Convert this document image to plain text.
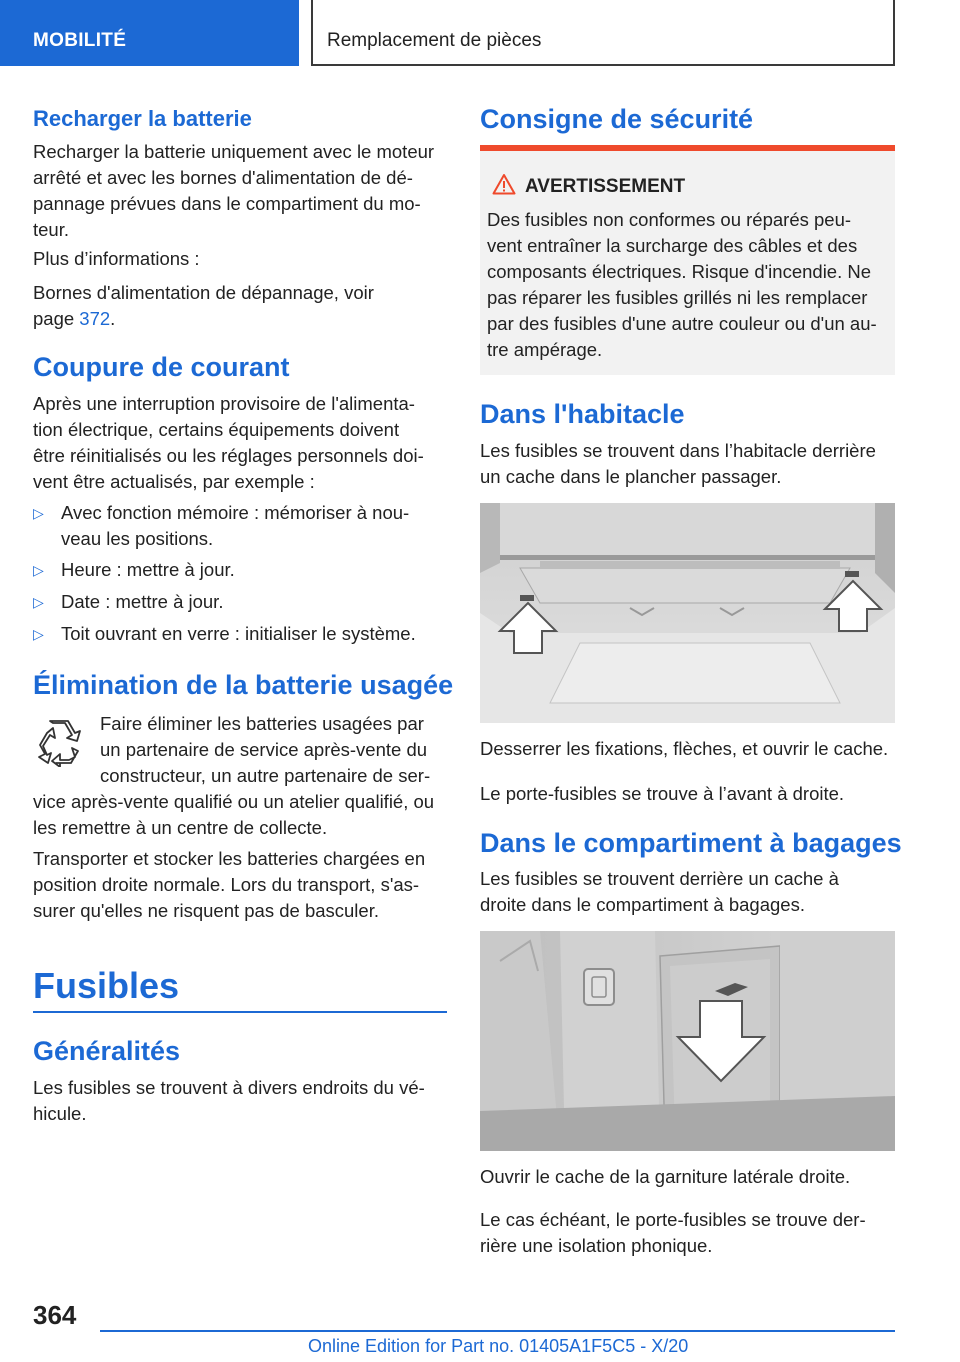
MOBILITÉ	Remplacement de pièces
Recharger la batterie
Recharger la batterie uniquement avec le moteur
arrêté et avec les bornes d'alimentation de dé‐
pannage prévues dans le compartiment du mo‐
teur.
Plus d’informations :
Bornes d'alimentation de dépannage, voir
page 372.
Coupure de courant
Après une interruption provisoire de l'alimenta‐
tion électrique, certains équipements doivent
être réinitialisés ou les réglages personnels doi‐
vent être actualisés, par exemple :
▷ Avec fonction mémoire : mémoriser à nou‐
veau les positions.
▷ Heure : mettre à jour.
▷ Date : mettre à jour.
▷ Toit ouvrant en verre : initialiser le système.
Élimination de la batterie usagée
Faire éliminer les batteries usagées par
un partenaire de service après-vente du
constructeur, un autre partenaire de ser‐
vice après-vente qualifié ou un atelier qualifié, ou
les remettre à un centre de collecte.
Transporter et stocker les batteries chargées en
position droite normale. Lors du transport, s'as‐
surer qu'elles ne risquent pas de basculer.
Fusibles
Généralités
Les fusibles se trouvent à divers endroits du vé‐
hicule.
Consigne de sécurité
AVERTISSEMENT
Des fusibles non conformes ou réparés peu‐
vent entraîner la surcharge des câbles et des
composants électriques. Risque d'incendie. Ne
pas réparer les fusibles grillés ni les remplacer
par des fusibles d'une autre couleur ou d'un au‐
tre ampérage.
Dans l'habitacle
Les fusibles se trouvent dans l’habitacle derrière
un cache dans le plancher passager.
Desserrer les fixations, flèches, et ouvrir le cache.
Le porte-fusibles se trouve à l’avant à droite.
Dans le compartiment à bagages
Les fusibles se trouvent derrière un cache à
droite dans le compartiment à bagages.
Ouvrir le cache de la garniture latérale droite.
Le cas échéant, le porte-fusibles se trouve der‐
rière une isolation phonique.
364
Online Edition for Part no. 01405A1F5C5 - X/20
